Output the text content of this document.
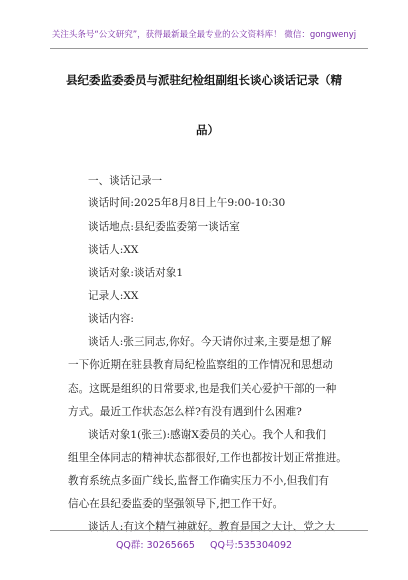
关注头条号“公文研究”，获得最新最全最专业的公文资料库！ 微信：gongwenyj
县纪委监委委员与派驻纪检组副组长谈心谈话记录（精
品）
一、谈话记录一
谈话时间:2025年8月8日上午9:00-10:30
谈话地点:县纪委监委第一谈话室
谈话人:XX
谈话对象:谈话对象1
记录人:XX
谈话内容:
谈话人:张三同志,你好。今天请你过来,主要是想了解
一下你近期在驻县教育局纪检监察组的工作情况和思想动
态。这既是组织的日常要求,也是我们关心爱护干部的一种
方式。最近工作状态怎么样?有没有遇到什么困难?
谈话对象1(张三):感谢X委员的关心。我个人和我们
组里全体同志的精神状态都很好,工作也都按计划正常推进。
教育系统点多面广线长,监督工作确实压力不小,但我们有
信心在县纪委监委的坚强领导下,把工作干好。
谈话人:有这个精气神就好。教育是国之大计、党之大
QQ群: 30265665 QQ号:535304092
